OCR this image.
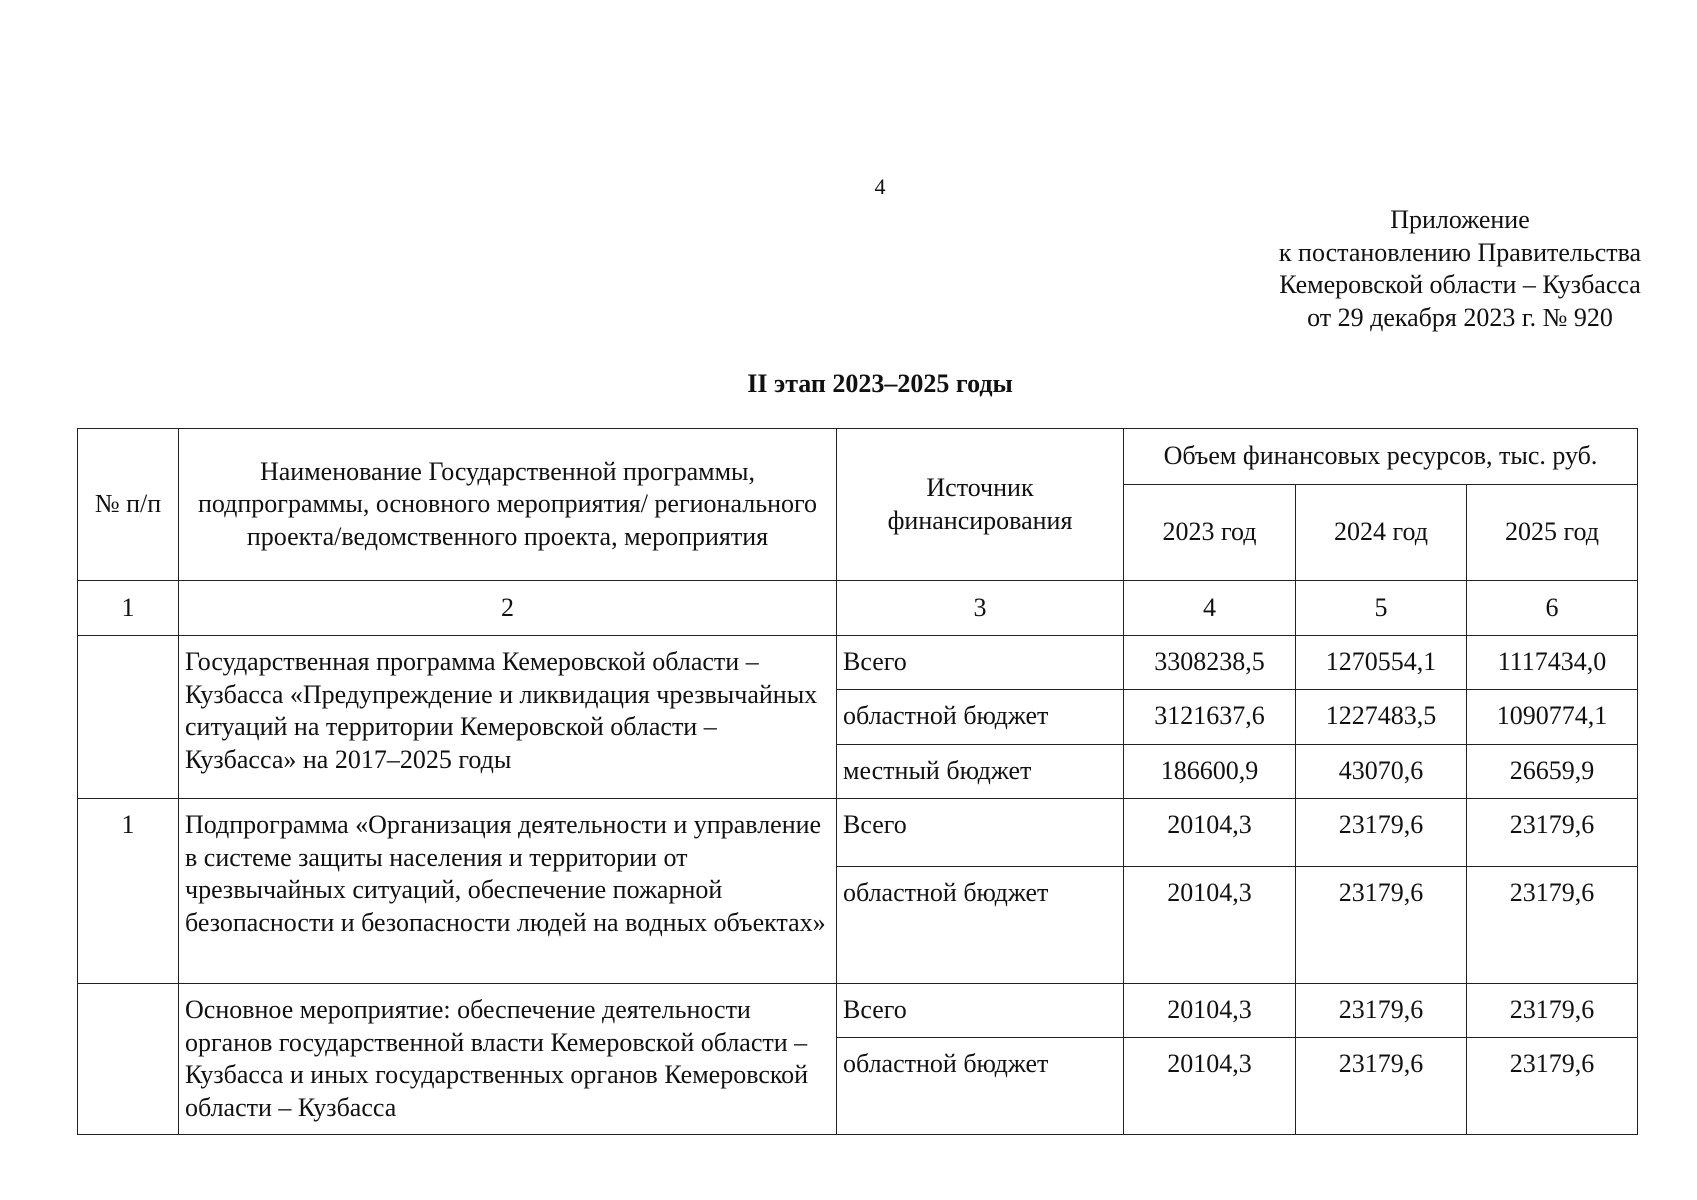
4
Приложение
к постановлению Правительства
Кемеровской области – Кузбасса
от 29 декабря 2023 г. № 920
II этап 2023–2025 годы
№ п/п	Наименование Государственной программы, подпрограммы, основного мероприятия/ регионального проекта/ведомственного проекта, мероприятия	Источник финансирования	Объем финансовых ресурсов, тыс. руб.		
			2023 год	2024 год	2025 год
1	2	3	4	5	6
	Государственная программа Кемеровской области – Кузбасса «Предупреждение и ликвидация чрезвычайных ситуаций на территории Кемеровской области – Кузбасса» на 2017–2025 годы	Всего	3308238,5	1270554,1	1117434,0
		областной бюджет	3121637,6	1227483,5	1090774,1
		местный бюджет	186600,9	43070,6	26659,9
1	Подпрограмма «Организация деятельности и управление в системе защиты населения и территории от чрезвычайных ситуаций, обеспечение пожарной безопасности и безопасности людей на водных объектах»	Всего	20104,3	23179,6	23179,6
		областной бюджет	20104,3	23179,6	23179,6
	Основное мероприятие: обеспечение деятельности органов государственной власти Кемеровской области – Кузбасса и иных государственных органов Кемеровской области – Кузбасса	Всего	20104,3	23179,6	23179,6
		областной бюджет	20104,3	23179,6	23179,6
